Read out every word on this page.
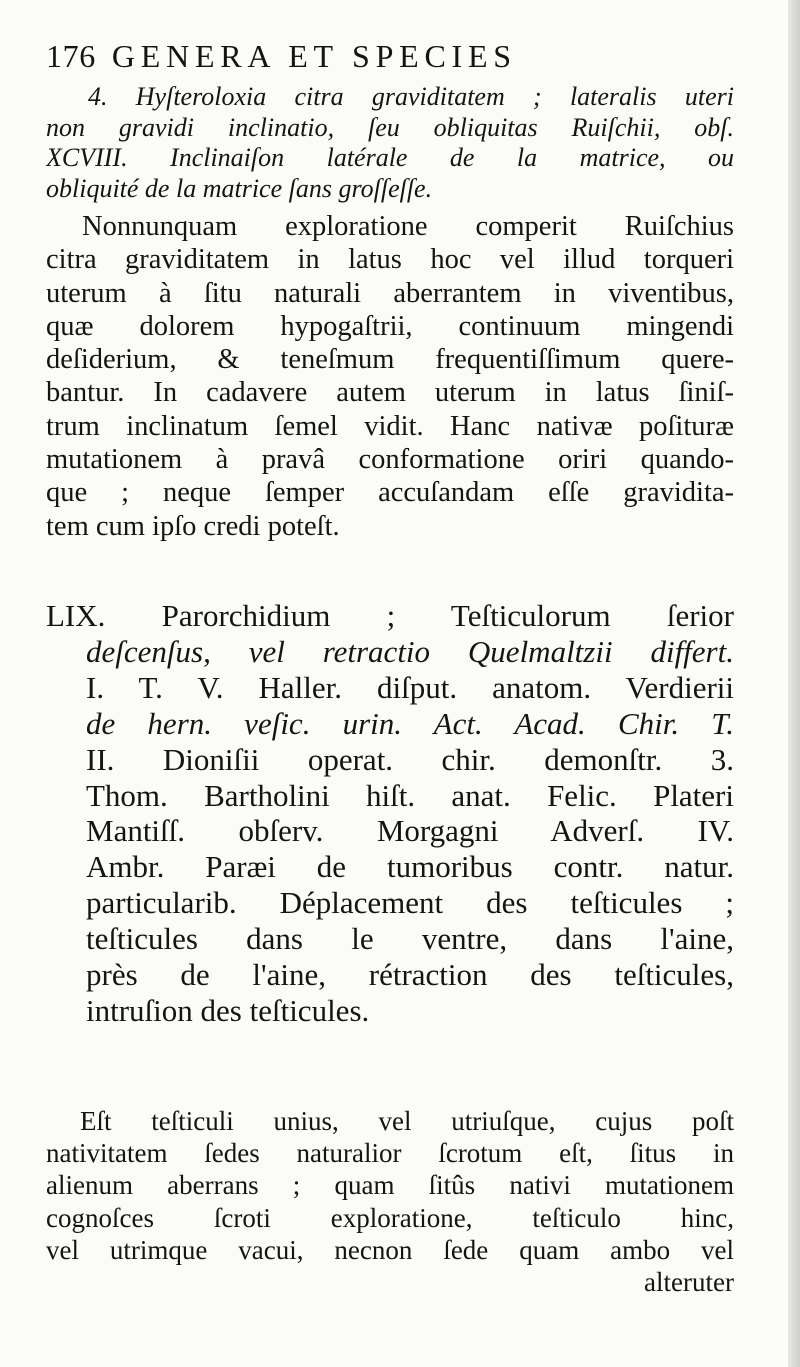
176 GENERA ET SPECIES
4. Hyſteroloxia citra graviditatem ; lateralis uteri
non gravidi inclinatio, ſeu obliquitas Ruiſchii, obſ.
XCVIII. Inclinaiſon latérale de la matrice, ou
obliquité de la matrice ſans groſſeſſe.
Nonnunquam exploratione comperit Ruiſchius
citra graviditatem in latus hoc vel illud torqueri
uterum à ſitu naturali aberrantem in viventibus,
quæ dolorem hypogaſtrii, continuum mingendi
deſiderium, & teneſmum frequentiſſimum quere-
bantur. In cadavere autem uterum in latus ſiniſ-
trum inclinatum ſemel vidit. Hanc nativæ poſituræ
mutationem à pravâ conformatione oriri quando-
que ; neque ſemper accuſandam eſſe gravidita-
tem cum ipſo credi poteſt.
LIX. Parorchidium ; Teſticulorum ſerior
deſcenſus, vel retractio Quelmaltzii differt.
I. T. V. Haller. diſput. anatom. Verdierii
de hern. veſic. urin. Act. Acad. Chir. T.
II. Dioniſii operat. chir. demonſtr. 3.
Thom. Bartholini hiſt. anat. Felic. Plateri
Mantiſſ. obſerv. Morgagni Adverſ. IV.
Ambr. Paræi de tumoribus contr. natur.
particularib. Déplacement des teſticules ;
teſticules dans le ventre, dans l'aine,
près de l'aine, rétraction des teſticules,
intruſion des teſticules.
Eſt teſticuli unius, vel utriuſque, cujus poſt
nativitatem ſedes naturalior ſcrotum eſt, ſitus in
alienum aberrans ; quam ſitûs nativi mutationem
cognoſces ſcroti exploratione, teſticulo hinc,
vel utrimque vacui, necnon ſede quam ambo vel
alteruter
